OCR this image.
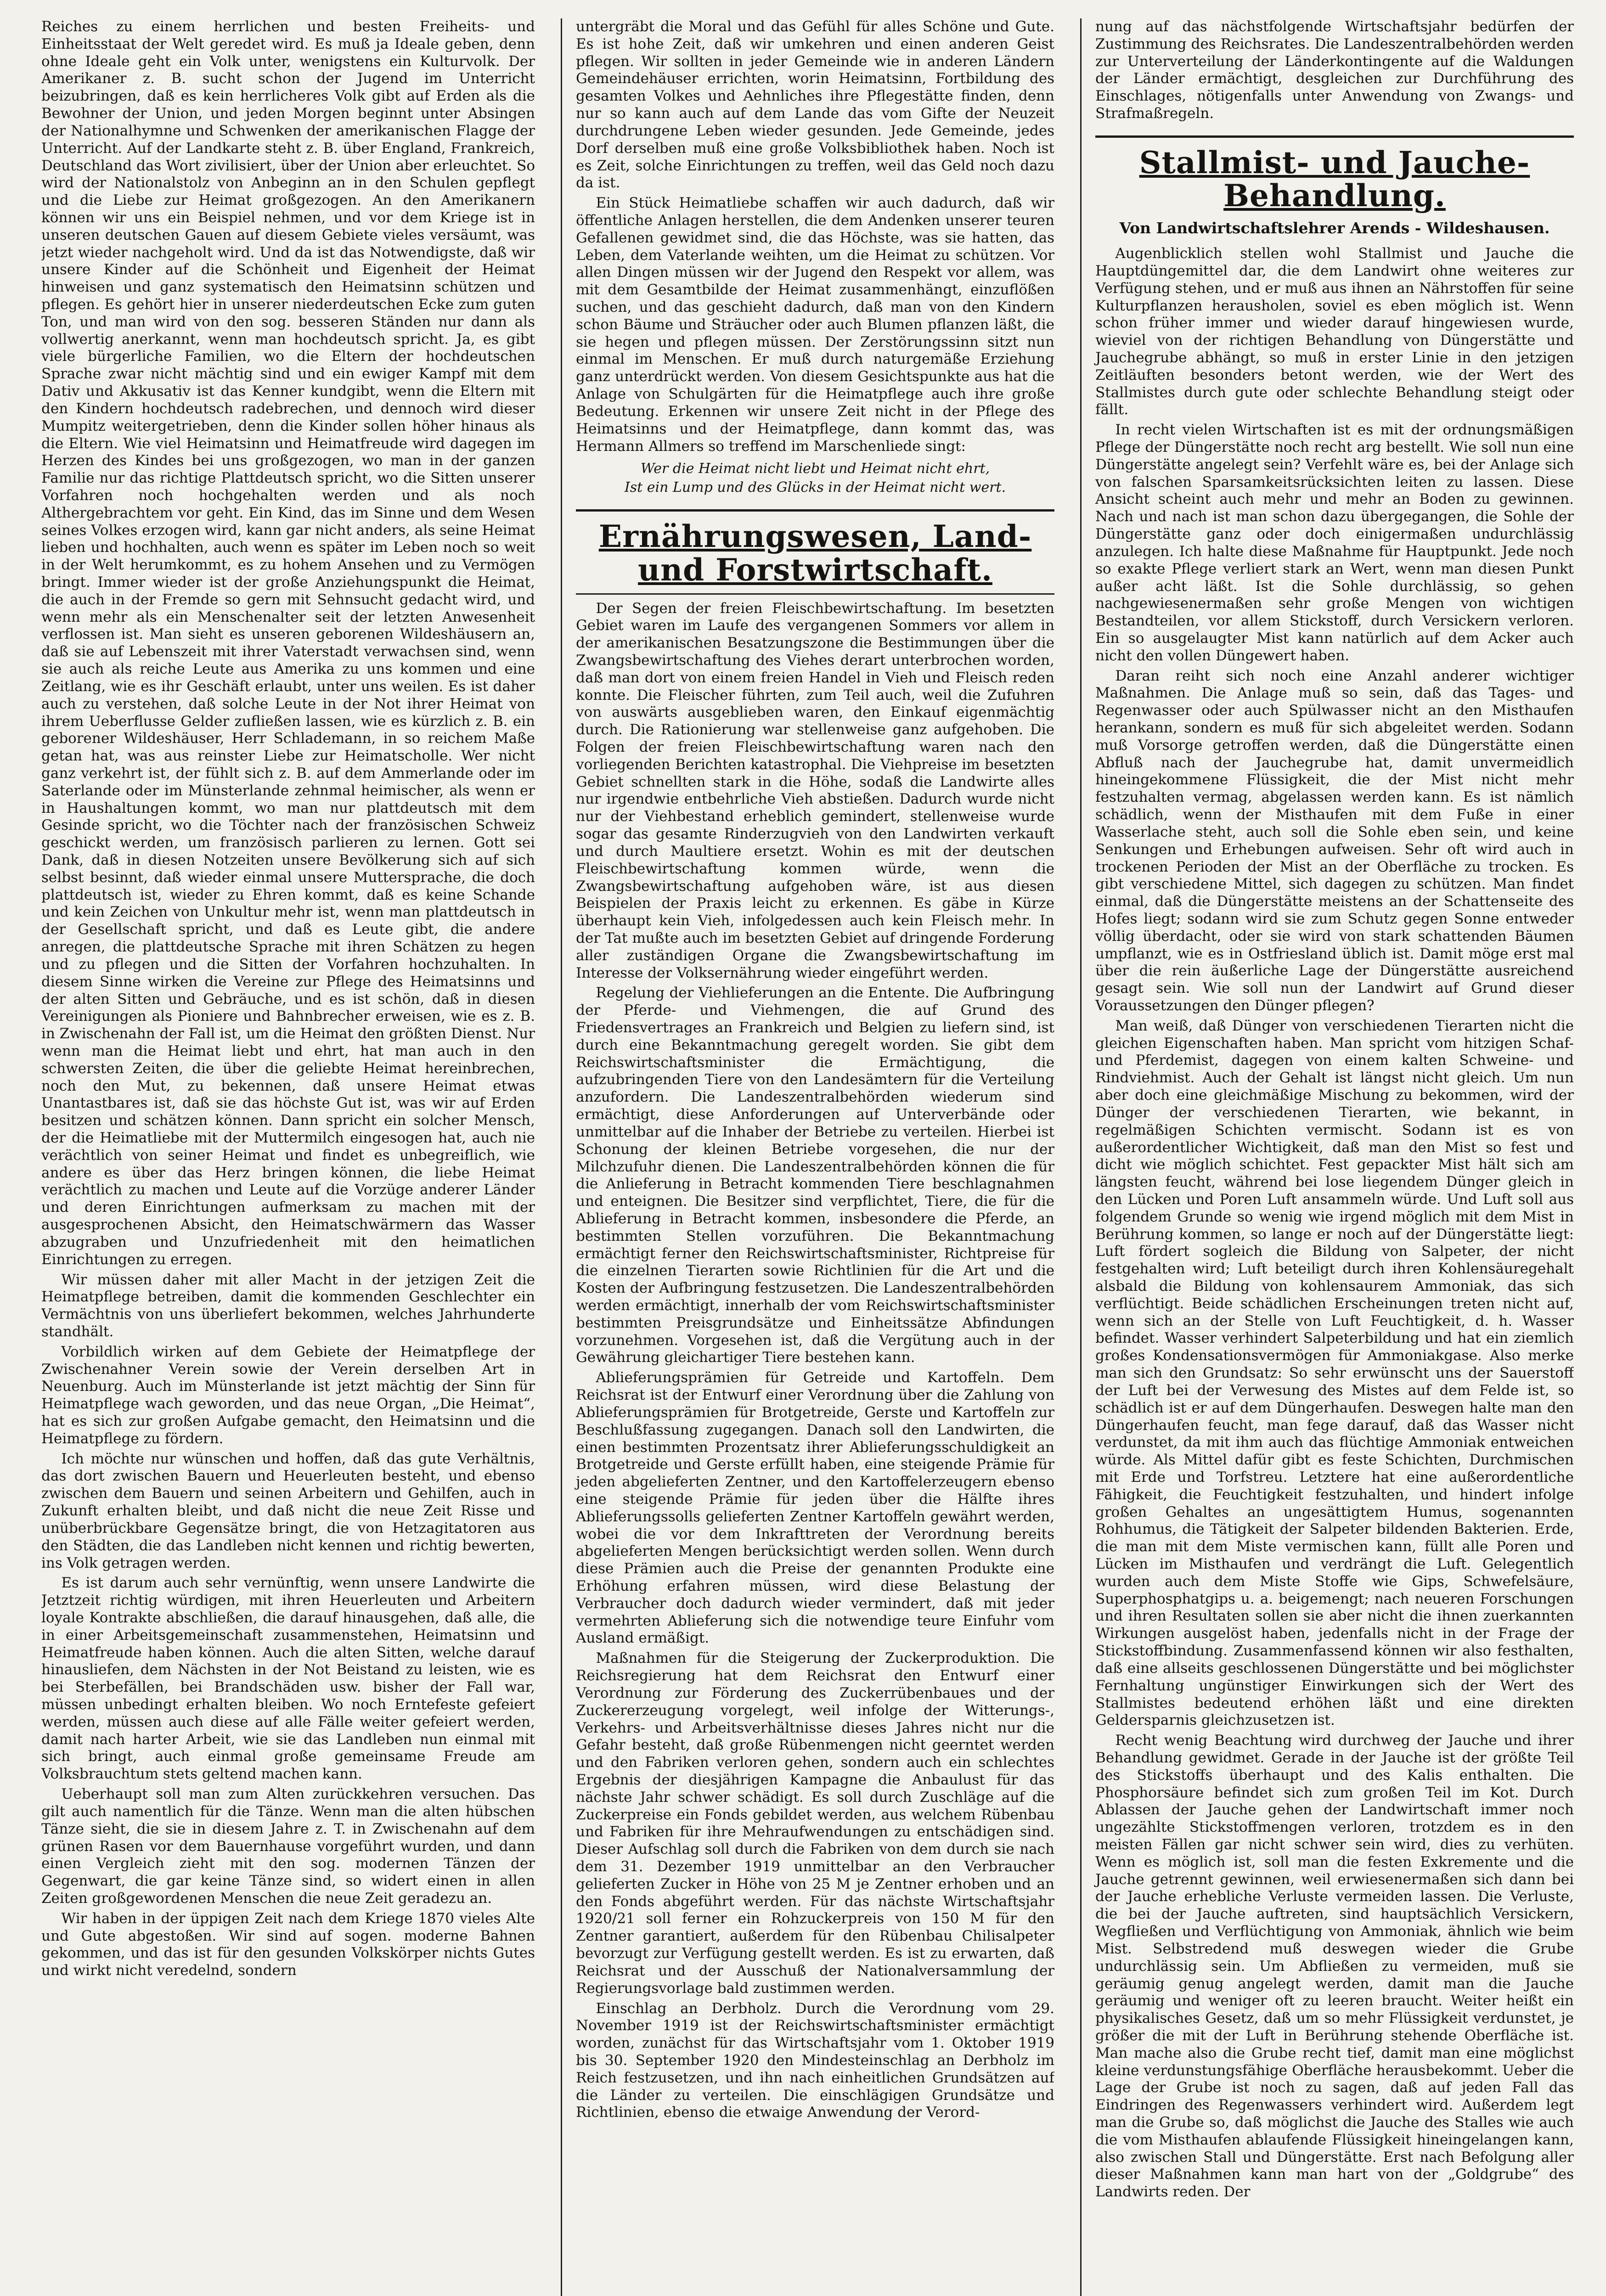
Reiches zu einem herrlichen und besten Freiheits- und Einheitsstaat der Welt geredet wird. Es muß ja Ideale geben, denn ohne Ideale geht ein Volk unter, wenigstens ein Kulturvolk. Der Amerikaner z. B. sucht schon der Jugend im Unterricht beizubringen, daß es kein herrlicheres Volk gibt auf Erden als die Bewohner der Union, und jeden Morgen beginnt unter Absingen der Nationalhymne und Schwenken der amerikanischen Flagge der Unterricht. Auf der Landkarte steht z. B. über England, Frankreich, Deutschland das Wort zivilisiert, über der Union aber erleuchtet. So wird der Nationalstolz von Anbeginn an in den Schulen gepflegt und die Liebe zur Heimat großgezogen. An den Amerikanern können wir uns ein Beispiel nehmen, und vor dem Kriege ist in unseren deutschen Gauen auf diesem Gebiete vieles versäumt, was jetzt wieder nachgeholt wird. Und da ist das Notwendigste, daß wir unsere Kinder auf die Schönheit und Eigenheit der Heimat hinweisen und ganz systematisch den Heimatsinn schützen und pflegen. Es gehört hier in unserer niederdeutschen Ecke zum guten Ton, und man wird von den sog. besseren Ständen nur dann als vollwertig anerkannt, wenn man hochdeutsch spricht. Ja, es gibt viele bürgerliche Familien, wo die Eltern der hochdeutschen Sprache zwar nicht mächtig sind und ein ewiger Kampf mit dem Dativ und Akkusativ ist das Kenner kundgibt, wenn die Eltern mit den Kindern hochdeutsch radebrechen, und dennoch wird dieser Mumpitz weitergetrieben, denn die Kinder sollen höher hinaus als die Eltern. Wie viel Heimatsinn und Heimatfreude wird dagegen im Herzen des Kindes bei uns großgezogen, wo man in der ganzen Familie nur das richtige Plattdeutsch spricht, wo die Sitten unserer Vorfahren noch hochgehalten werden und als noch Althergebrachtem vor geht. Ein Kind, das im Sinne und dem Wesen seines Volkes erzogen wird, kann gar nicht anders, als seine Heimat lieben und hochhalten, auch wenn es später im Leben noch so weit in der Welt herumkommt, es zu hohem Ansehen und zu Vermögen bringt. Immer wieder ist der große Anziehungspunkt die Heimat, die auch in der Fremde so gern mit Sehnsucht gedacht wird, und wenn mehr als ein Menschenalter seit der letzten Anwesenheit verflossen ist. Man sieht es unseren geborenen Wildeshäusern an, daß sie auf Lebenszeit mit ihrer Vaterstadt verwachsen sind, wenn sie auch als reiche Leute aus Amerika zu uns kommen und eine Zeitlang, wie es ihr Geschäft erlaubt, unter uns weilen. Es ist daher auch zu verstehen, daß solche Leute in der Not ihrer Heimat von ihrem Ueberflusse Gelder zufließen lassen, wie es kürzlich z. B. ein geborener Wildeshäuser, Herr Schlademann, in so reichem Maße getan hat, was aus reinster Liebe zur Heimatscholle. Wer nicht ganz verkehrt ist, der fühlt sich z. B. auf dem Ammerlande oder im Saterlande oder im Münsterlande zehnmal heimischer, als wenn er in Haushaltungen kommt, wo man nur plattdeutsch mit dem Gesinde spricht, wo die Töchter nach der französischen Schweiz geschickt werden, um französisch parlieren zu lernen. Gott sei Dank, daß in diesen Notzeiten unsere Bevölkerung sich auf sich selbst besinnt, daß wieder einmal unsere Muttersprache, die doch plattdeutsch ist, wieder zu Ehren kommt, daß es keine Schande und kein Zeichen von Unkultur mehr ist, wenn man plattdeutsch in der Gesellschaft spricht, und daß es Leute gibt, die andere anregen, die plattdeutsche Sprache mit ihren Schätzen zu hegen und zu pflegen und die Sitten der Vorfahren hochzuhalten. In diesem Sinne wirken die Vereine zur Pflege des Heimatsinns und der alten Sitten und Gebräuche, und es ist schön, daß in diesen Vereinigungen als Pioniere und Bahnbrecher erweisen, wie es z. B. in Zwischenahn der Fall ist, um die Heimat den größten Dienst. Nur wenn man die Heimat liebt und ehrt, hat man auch in den schwersten Zeiten, die über die geliebte Heimat hereinbrechen, noch den Mut, zu bekennen, daß unsere Heimat etwas Unantastbares ist, daß sie das höchste Gut ist, was wir auf Erden besitzen und schätzen können. Dann spricht ein solcher Mensch, der die Heimatliebe mit der Muttermilch eingesogen hat, auch nie verächtlich von seiner Heimat und findet es unbegreiflich, wie andere es über das Herz bringen können, die liebe Heimat verächtlich zu machen und Leute auf die Vorzüge anderer Länder und deren Einrichtungen aufmerksam zu machen mit der ausgesprochenen Absicht, den Heimatschwärmern das Wasser abzugraben und Unzufriedenheit mit den heimatlichen Einrichtungen zu erregen.

Wir müssen daher mit aller Macht in der jetzigen Zeit die Heimatpflege betreiben, damit die kommenden Geschlechter ein Vermächtnis von uns überliefert bekommen, welches Jahrhunderte standhält.

Vorbildlich wirken auf dem Gebiete der Heimatpflege der Zwischenahner Verein sowie der Verein derselben Art in Neuenburg. Auch im Münsterlande ist jetzt mächtig der Sinn für Heimatpflege wach geworden, und das neue Organ, „Die Heimat“, hat es sich zur großen Aufgabe gemacht, den Heimatsinn und die Heimatpflege zu fördern.

Ich möchte nur wünschen und hoffen, daß das gute Verhältnis, das dort zwischen Bauern und Heuerleuten besteht, und ebenso zwischen dem Bauern und seinen Arbeitern und Gehilfen, auch in Zukunft erhalten bleibt, und daß nicht die neue Zeit Risse und unüberbrückbare Gegensätze bringt, die von Hetzagitatoren aus den Städten, die das Landleben nicht kennen und richtig bewerten, ins Volk getragen werden.

Es ist darum auch sehr vernünftig, wenn unsere Landwirte die Jetztzeit richtig würdigen, mit ihren Heuerleuten und Arbeitern loyale Kontrakte abschließen, die darauf hinausgehen, daß alle, die in einer Arbeitsgemeinschaft zusammenstehen, Heimatsinn und Heimatfreude haben können. Auch die alten Sitten, welche darauf hinausliefen, dem Nächsten in der Not Beistand zu leisten, wie es bei Sterbefällen, bei Brandschäden usw. bisher der Fall war, müssen unbedingt erhalten bleiben. Wo noch Erntefeste gefeiert werden, müssen auch diese auf alle Fälle weiter gefeiert werden, damit nach harter Arbeit, wie sie das Landleben nun einmal mit sich bringt, auch einmal große gemeinsame Freude am Volksbrauchtum stets geltend machen kann.

Ueberhaupt soll man zum Alten zurückkehren versuchen. Das gilt auch namentlich für die Tänze. Wenn man die alten hübschen Tänze sieht, die sie in diesem Jahre z. T. in Zwischenahn auf dem grünen Rasen vor dem Bauernhause vorgeführt wurden, und dann einen Vergleich zieht mit den sog. modernen Tänzen der Gegenwart, die gar keine Tänze sind, so widert einen in allen Zeiten großgewordenen Menschen die neue Zeit geradezu an.

Wir haben in der üppigen Zeit nach dem Kriege 1870 vieles Alte und Gute abgestoßen. Wir sind auf sogen. moderne Bahnen gekommen, und das ist für den gesunden Volkskörper nichts Gutes und wirkt nicht veredelnd, sondern

untergräbt die Moral und das Gefühl für alles Schöne und Gute. Es ist hohe Zeit, daß wir umkehren und einen anderen Geist pflegen. Wir sollten in jeder Gemeinde wie in anderen Ländern Gemeindehäuser errichten, worin Heimatsinn, Fortbildung des gesamten Volkes und Aehnliches ihre Pflegestätte finden, denn nur so kann auch auf dem Lande das vom Gifte der Neuzeit durchdrungene Leben wieder gesunden. Jede Gemeinde, jedes Dorf derselben muß eine große Volksbibliothek haben. Noch ist es Zeit, solche Einrichtungen zu treffen, weil das Geld noch dazu da ist.

Ein Stück Heimatliebe schaffen wir auch dadurch, daß wir öffentliche Anlagen herstellen, die dem Andenken unserer teuren Gefallenen gewidmet sind, die das Höchste, was sie hatten, das Leben, dem Vaterlande weihten, um die Heimat zu schützen. Vor allen Dingen müssen wir der Jugend den Respekt vor allem, was mit dem Gesamtbilde der Heimat zusammenhängt, einzuflößen suchen, und das geschieht dadurch, daß man von den Kindern schon Bäume und Sträucher oder auch Blumen pflanzen läßt, die sie hegen und pflegen müssen. Der Zerstörungssinn sitzt nun einmal im Menschen. Er muß durch naturgemäße Erziehung ganz unterdrückt werden. Von diesem Gesichtspunkte aus hat die Anlage von Schulgärten für die Heimatpflege auch ihre große Bedeutung. Erkennen wir unsere Zeit nicht in der Pflege des Heimatsinns und der Heimatpflege, dann kommt das, was Hermann Allmers so treffend im Marschenliede singt:

Wer die Heimat nicht liebt und Heimat nicht ehrt,
Ist ein Lump und des Glücks in der Heimat nicht wert.
Ernährungswesen, Land- und Forstwirtschaft.

Der Segen der freien Fleischbewirtschaftung. Im besetzten Gebiet waren im Laufe des vergangenen Sommers vor allem in der amerikanischen Besatzungszone die Bestimmungen über die Zwangsbewirtschaftung des Viehes derart unterbrochen worden, daß man dort von einem freien Handel in Vieh und Fleisch reden konnte. Die Fleischer führten, zum Teil auch, weil die Zufuhren von auswärts ausgeblieben waren, den Einkauf eigenmächtig durch. Die Rationierung war stellenweise ganz aufgehoben. Die Folgen der freien Fleischbewirtschaftung waren nach den vorliegenden Berichten katastrophal. Die Viehpreise im besetzten Gebiet schnellten stark in die Höhe, sodaß die Landwirte alles nur irgendwie entbehrliche Vieh abstießen. Dadurch wurde nicht nur der Viehbestand erheblich gemindert, stellenweise wurde sogar das gesamte Rinderzugvieh von den Landwirten verkauft und durch Maultiere ersetzt. Wohin es mit der deutschen Fleischbewirtschaftung kommen würde, wenn die Zwangsbewirtschaftung aufgehoben wäre, ist aus diesen Beispielen der Praxis leicht zu erkennen. Es gäbe in Kürze überhaupt kein Vieh, infolgedessen auch kein Fleisch mehr. In der Tat mußte auch im besetzten Gebiet auf dringende Forderung aller zuständigen Organe die Zwangsbewirtschaftung im Interesse der Volksernährung wieder eingeführt werden.

Regelung der Viehlieferungen an die Entente. Die Aufbringung der Pferde- und Viehmengen, die auf Grund des Friedensvertrages an Frankreich und Belgien zu liefern sind, ist durch eine Bekanntmachung geregelt worden. Sie gibt dem Reichswirtschaftsminister die Ermächtigung, die aufzubringenden Tiere von den Landesämtern für die Verteilung anzufordern. Die Landeszentralbehörden wiederum sind ermächtigt, diese Anforderungen auf Unterverbände oder unmittelbar auf die Inhaber der Betriebe zu verteilen. Hierbei ist Schonung der kleinen Betriebe vorgesehen, die nur der Milchzufuhr dienen. Die Landeszentralbehörden können die für die Anlieferung in Betracht kommenden Tiere beschlagnahmen und enteignen. Die Besitzer sind verpflichtet, Tiere, die für die Ablieferung in Betracht kommen, insbesondere die Pferde, an bestimmten Stellen vorzuführen. Die Bekanntmachung ermächtigt ferner den Reichswirtschaftsminister, Richtpreise für die einzelnen Tierarten sowie Richtlinien für die Art und die Kosten der Aufbringung festzusetzen. Die Landeszentralbehörden werden ermächtigt, innerhalb der vom Reichswirtschaftsminister bestimmten Preisgrundsätze und Einheitssätze Abfindungen vorzunehmen. Vorgesehen ist, daß die Vergütung auch in der Gewährung gleichartiger Tiere bestehen kann.

Ablieferungsprämien für Getreide und Kartoffeln. Dem Reichsrat ist der Entwurf einer Verordnung über die Zahlung von Ablieferungsprämien für Brotgetreide, Gerste und Kartoffeln zur Beschlußfassung zugegangen. Danach soll den Landwirten, die einen bestimmten Prozentsatz ihrer Ablieferungsschuldigkeit an Brotgetreide und Gerste erfüllt haben, eine steigende Prämie für jeden abgelieferten Zentner, und den Kartoffelerzeugern ebenso eine steigende Prämie für jeden über die Hälfte ihres Ablieferungssolls gelieferten Zentner Kartoffeln gewährt werden, wobei die vor dem Inkrafttreten der Verordnung bereits abgelieferten Mengen berücksichtigt werden sollen. Wenn durch diese Prämien auch die Preise der genannten Produkte eine Erhöhung erfahren müssen, wird diese Belastung der Verbraucher doch dadurch wieder vermindert, daß mit jeder vermehrten Ablieferung sich die notwendige teure Einfuhr vom Ausland ermäßigt.

Maßnahmen für die Steigerung der Zuckerproduktion. Die Reichsregierung hat dem Reichsrat den Entwurf einer Verordnung zur Förderung des Zuckerrübenbaues und der Zuckererzeugung vorgelegt, weil infolge der Witterungs-, Verkehrs- und Arbeitsverhältnisse dieses Jahres nicht nur die Gefahr besteht, daß große Rübenmengen nicht geerntet werden und den Fabriken verloren gehen, sondern auch ein schlechtes Ergebnis der diesjährigen Kampagne die Anbaulust für das nächste Jahr schwer schädigt. Es soll durch Zuschläge auf die Zuckerpreise ein Fonds gebildet werden, aus welchem Rübenbau und Fabriken für ihre Mehraufwendungen zu entschädigen sind. Dieser Aufschlag soll durch die Fabriken von dem durch sie nach dem 31. Dezember 1919 unmittelbar an den Verbraucher gelieferten Zucker in Höhe von 25 M je Zentner erhoben und an den Fonds abgeführt werden. Für das nächste Wirtschaftsjahr 1920/21 soll ferner ein Rohzuckerpreis von 150 M für den Zentner garantiert, außerdem für den Rübenbau Chilisalpeter bevorzugt zur Verfügung gestellt werden. Es ist zu erwarten, daß Reichsrat und der Ausschuß der Nationalversammlung der Regierungsvorlage bald zustimmen werden.

Einschlag an Derbholz. Durch die Verordnung vom 29. November 1919 ist der Reichswirtschaftsminister ermächtigt worden, zunächst für das Wirtschaftsjahr vom 1. Oktober 1919 bis 30. September 1920 den Mindesteinschlag an Derbholz im Reich festzusetzen, und ihn nach einheitlichen Grundsätzen auf die Länder zu verteilen. Die einschlägigen Grundsätze und Richtlinien, ebenso die etwaige Anwendung der Verord-

nung auf das nächstfolgende Wirtschaftsjahr bedürfen der Zustimmung des Reichsrates. Die Landeszentralbehörden werden zur Unterverteilung der Länderkontingente auf die Waldungen der Länder ermächtigt, desgleichen zur Durchführung des Einschlages, nötigenfalls unter Anwendung von Zwangs- und Strafmaßregeln.

Stallmist- und Jauche-Behandlung.
Von Landwirtschaftslehrer Arends - Wildeshausen.

Augenblicklich stellen wohl Stallmist und Jauche die Hauptdüngemittel dar, die dem Landwirt ohne weiteres zur Verfügung stehen, und er muß aus ihnen an Nährstoffen für seine Kulturpflanzen herausholen, soviel es eben möglich ist. Wenn schon früher immer und wieder darauf hingewiesen wurde, wieviel von der richtigen Behandlung von Düngerstätte und Jauchegrube abhängt, so muß in erster Linie in den jetzigen Zeitläuften besonders betont werden, wie der Wert des Stallmistes durch gute oder schlechte Behandlung steigt oder fällt.

In recht vielen Wirtschaften ist es mit der ordnungsmäßigen Pflege der Düngerstätte noch recht arg bestellt. Wie soll nun eine Düngerstätte angelegt sein? Verfehlt wäre es, bei der Anlage sich von falschen Sparsamkeitsrücksichten leiten zu lassen. Diese Ansicht scheint auch mehr und mehr an Boden zu gewinnen. Nach und nach ist man schon dazu übergegangen, die Sohle der Düngerstätte ganz oder doch einigermaßen undurchlässig anzulegen. Ich halte diese Maßnahme für Hauptpunkt. Jede noch so exakte Pflege verliert stark an Wert, wenn man diesen Punkt außer acht läßt. Ist die Sohle durchlässig, so gehen nachgewiesenermaßen sehr große Mengen von wichtigen Bestandteilen, vor allem Stickstoff, durch Versickern verloren. Ein so ausgelaugter Mist kann natürlich auf dem Acker auch nicht den vollen Düngewert haben.

Daran reiht sich noch eine Anzahl anderer wichtiger Maßnahmen. Die Anlage muß so sein, daß das Tages- und Regenwasser oder auch Spülwasser nicht an den Misthaufen herankann, sondern es muß für sich abgeleitet werden. Sodann muß Vorsorge getroffen werden, daß die Düngerstätte einen Abfluß nach der Jauchegrube hat, damit unvermeidlich hineingekommene Flüssigkeit, die der Mist nicht mehr festzuhalten vermag, abgelassen werden kann. Es ist nämlich schädlich, wenn der Misthaufen mit dem Fuße in einer Wasserlache steht, auch soll die Sohle eben sein, und keine Senkungen und Erhebungen aufweisen. Sehr oft wird auch in trockenen Perioden der Mist an der Oberfläche zu trocken. Es gibt verschiedene Mittel, sich dagegen zu schützen. Man findet einmal, daß die Düngerstätte meistens an der Schattenseite des Hofes liegt; sodann wird sie zum Schutz gegen Sonne entweder völlig überdacht, oder sie wird von stark schattenden Bäumen umpflanzt, wie es in Ostfriesland üblich ist. Damit möge erst mal über die rein äußerliche Lage der Düngerstätte ausreichend gesagt sein. Wie soll nun der Landwirt auf Grund dieser Voraussetzungen den Dünger pflegen?

Man weiß, daß Dünger von verschiedenen Tierarten nicht die gleichen Eigenschaften haben. Man spricht vom hitzigen Schaf- und Pferdemist, dagegen von einem kalten Schweine- und Rindviehmist. Auch der Gehalt ist längst nicht gleich. Um nun aber doch eine gleichmäßige Mischung zu bekommen, wird der Dünger der verschiedenen Tierarten, wie bekannt, in regelmäßigen Schichten vermischt. Sodann ist es von außerordentlicher Wichtigkeit, daß man den Mist so fest und dicht wie möglich schichtet. Fest gepackter Mist hält sich am längsten feucht, während bei lose liegendem Dünger gleich in den Lücken und Poren Luft ansammeln würde. Und Luft soll aus folgendem Grunde so wenig wie irgend möglich mit dem Mist in Berührung kommen, so lange er noch auf der Düngerstätte liegt: Luft fördert sogleich die Bildung von Salpeter, der nicht festgehalten wird; Luft beteiligt durch ihren Kohlensäuregehalt alsbald die Bildung von kohlensaurem Ammoniak, das sich verflüchtigt. Beide schädlichen Erscheinungen treten nicht auf, wenn sich an der Stelle von Luft Feuchtigkeit, d. h. Wasser befindet. Wasser verhindert Salpeterbildung und hat ein ziemlich großes Kondensationsvermögen für Ammoniakgase. Also merke man sich den Grundsatz: So sehr erwünscht uns der Sauerstoff der Luft bei der Verwesung des Mistes auf dem Felde ist, so schädlich ist er auf dem Düngerhaufen. Deswegen halte man den Düngerhaufen feucht, man fege darauf, daß das Wasser nicht verdunstet, da mit ihm auch das flüchtige Ammoniak entweichen würde. Als Mittel dafür gibt es feste Schichten, Durchmischen mit Erde und Torfstreu. Letztere hat eine außerordentliche Fähigkeit, die Feuchtigkeit festzuhalten, und hindert infolge großen Gehaltes an ungesättigtem Humus, sogenannten Rohhumus, die Tätigkeit der Salpeter bildenden Bakterien. Erde, die man mit dem Miste vermischen kann, füllt alle Poren und Lücken im Misthaufen und verdrängt die Luft. Gelegentlich wurden auch dem Miste Stoffe wie Gips, Schwefelsäure, Superphosphatgips u. a. beigemengt; nach neueren Forschungen und ihren Resultaten sollen sie aber nicht die ihnen zuerkannten Wirkungen ausgelöst haben, jedenfalls nicht in der Frage der Stickstoffbindung. Zusammenfassend können wir also festhalten, daß eine allseits geschlossenen Düngerstätte und bei möglichster Fernhaltung ungünstiger Einwirkungen sich der Wert des Stallmistes bedeutend erhöhen läßt und eine direkten Geldersparnis gleichzusetzen ist.

Recht wenig Beachtung wird durchweg der Jauche und ihrer Behandlung gewidmet. Gerade in der Jauche ist der größte Teil des Stickstoffs überhaupt und des Kalis enthalten. Die Phosphorsäure befindet sich zum großen Teil im Kot. Durch Ablassen der Jauche gehen der Landwirtschaft immer noch ungezählte Stickstoffmengen verloren, trotzdem es in den meisten Fällen gar nicht schwer sein wird, dies zu verhüten. Wenn es möglich ist, soll man die festen Exkremente und die Jauche getrennt gewinnen, weil erwiesenermaßen sich dann bei der Jauche erhebliche Verluste vermeiden lassen. Die Verluste, die bei der Jauche auftreten, sind hauptsächlich Versickern, Wegfließen und Verflüchtigung von Ammoniak, ähnlich wie beim Mist. Selbstredend muß deswegen wieder die Grube undurchlässig sein. Um Abfließen zu vermeiden, muß sie geräumig genug angelegt werden, damit man die Jauche geräumig und weniger oft zu leeren braucht. Weiter heißt ein physikalisches Gesetz, daß um so mehr Flüssigkeit verdunstet, je größer die mit der Luft in Berührung stehende Oberfläche ist. Man mache also die Grube recht tief, damit man eine möglichst kleine verdunstungsfähige Oberfläche herausbekommt. Ueber die Lage der Grube ist noch zu sagen, daß auf jeden Fall das Eindringen des Regenwassers verhindert wird. Außerdem legt man die Grube so, daß möglichst die Jauche des Stalles wie auch die vom Misthaufen ablaufende Flüssigkeit hineingelangen kann, also zwischen Stall und Düngerstätte. Erst nach Befolgung aller dieser Maßnahmen kann man hart von der „Goldgrube“ des Landwirts reden. Der
